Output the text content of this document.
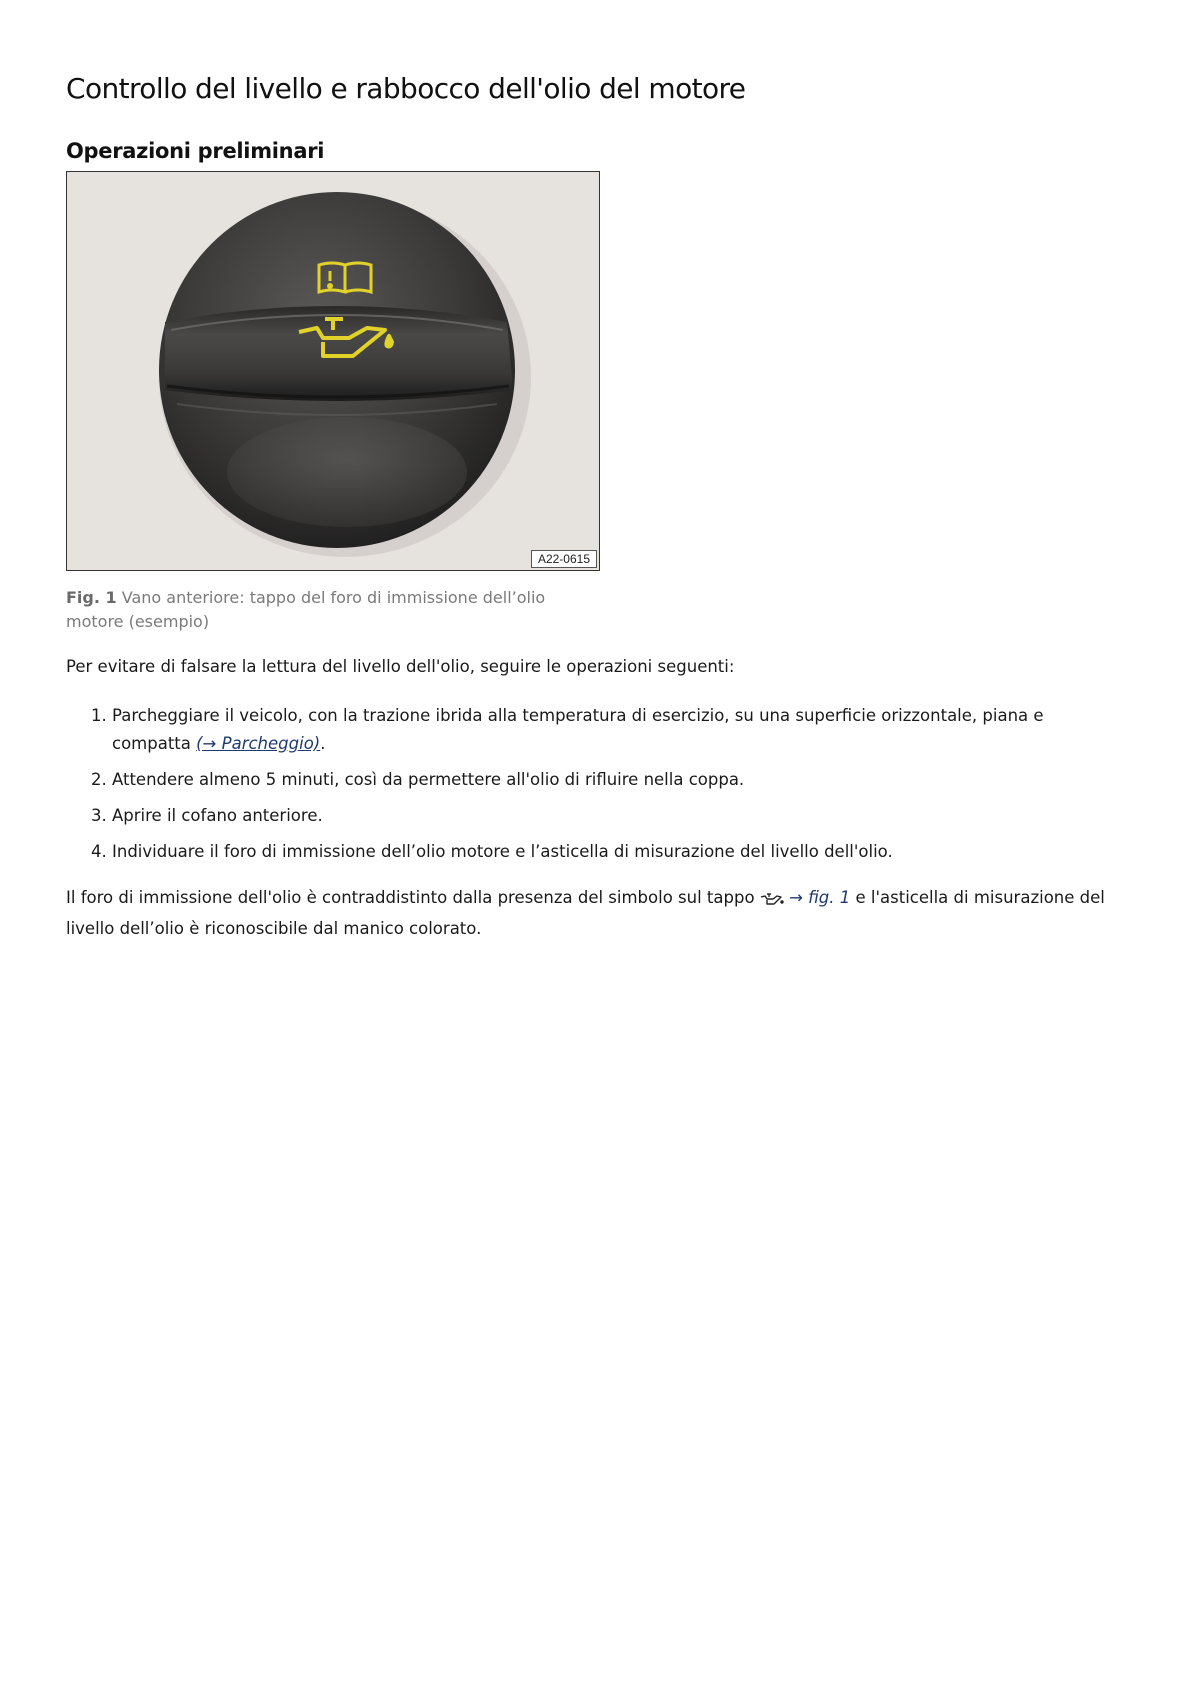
Controllo del livello e rabbocco dell'olio del motore
Operazioni preliminari
A22-0615

Fig. 1 Vano anteriore: tappo del foro di immissione dell’olio motore (esempio)

Per evitare di falsare la lettura del livello dell'olio, seguire le operazioni seguenti:

1. Parcheggiare il veicolo, con la trazione ibrida alla temperatura di esercizio, su una superficie orizzontale, piana e compatta (→ Parcheggio).
2. Attendere almeno 5 minuti, così da permettere all'olio di rifluire nella coppa.
3. Aprire il cofano anteriore.
4. Individuare il foro di immissione dell’olio motore e l’asticella di misurazione del livello dell'olio.

Il foro di immissione dell'olio è contraddistinto dalla presenza del simbolo sul tappo  → fig. 1 e l'asticella di misurazione del livello dell’olio è riconoscibile dal manico colorato.
